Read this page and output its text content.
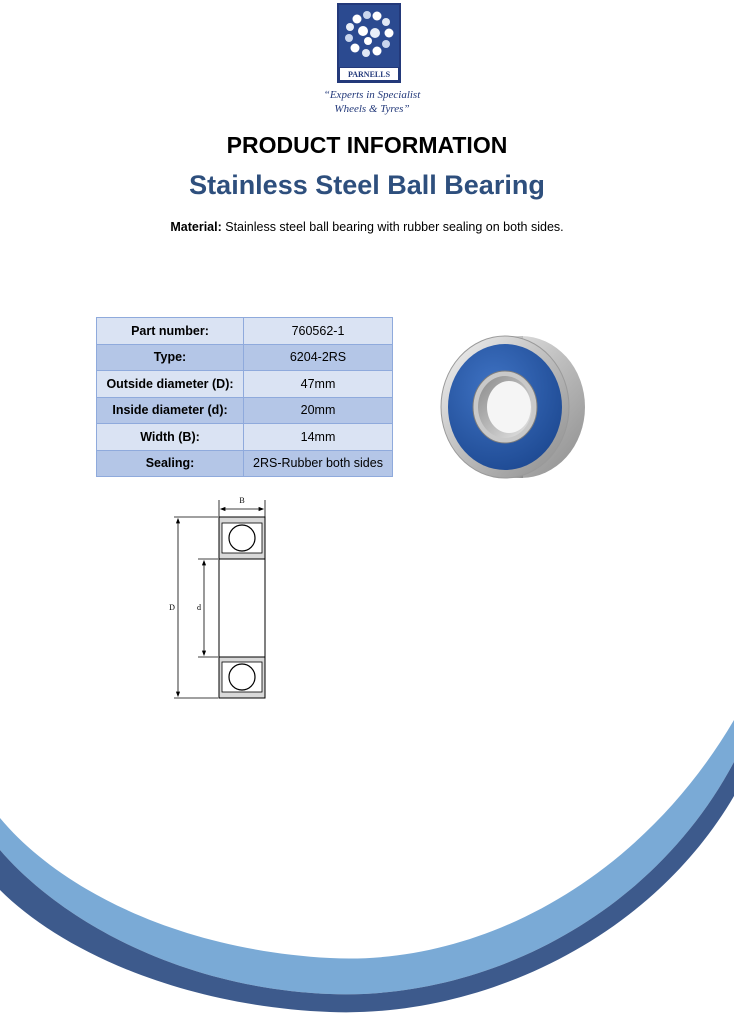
PARNELLS
“Experts in Specialist
Wheels & Tyres”
PRODUCT INFORMATION
Stainless Steel Ball Bearing
Material: Stainless steel ball bearing with rubber sealing on both sides.
Part number:	760562-1
Type:	6204-2RS
Outside diameter (D):	47mm
Inside diameter (d):	20mm
Width (B):	14mm
Sealing:	2RS-Rubber both sides
B
D	d
